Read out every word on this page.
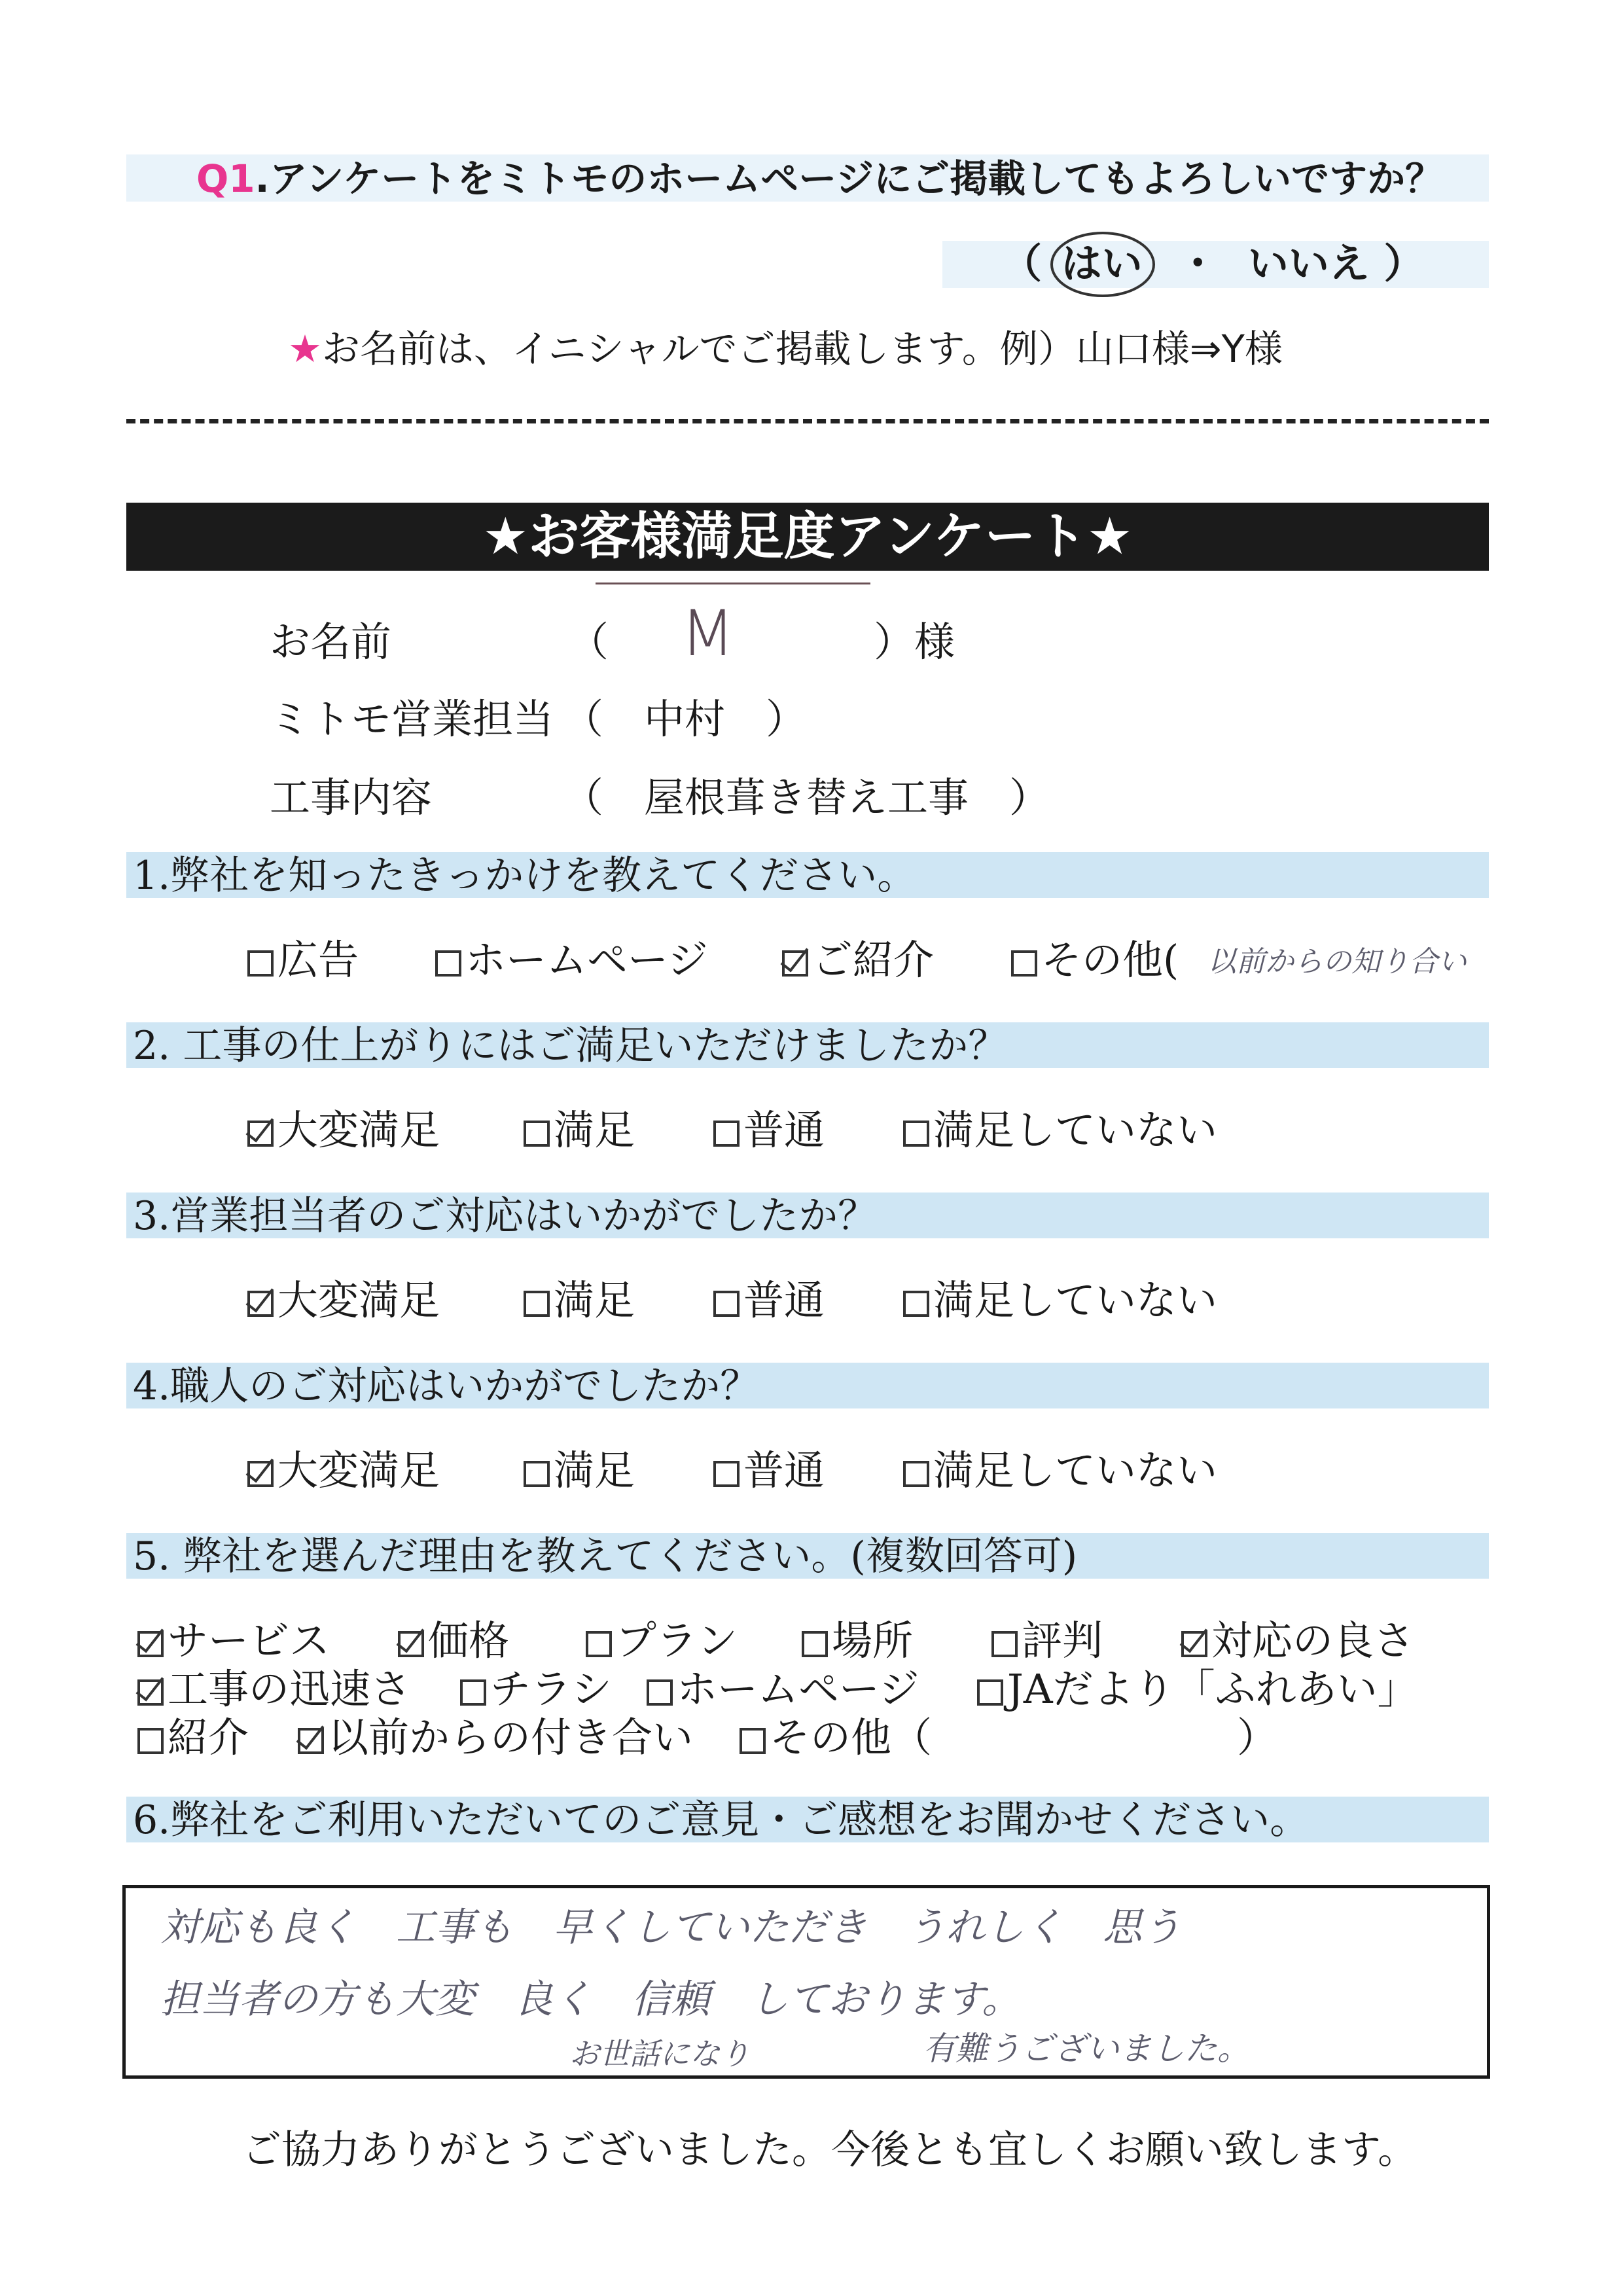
Q1.アンケートをミトモのホームページにご掲載してもよろしいですか？
（ はい ・ いいえ ）
★お名前は、イニシャルでご掲載します。例）山口様⇒Y様
★お客様満足度アンケート★
お名前	（ M	）様
ミトモ営業担当 （　中村　）
工事内容	（　屋根葺き替え工事　）
1.弊社を知ったきっかけを教えてください。
広告	ホームページ	ご紹介	その他( 以前からの知り合い
2. 工事の仕上がりにはご満足いただけましたか？
大変満足	満足	普通	満足していない
3.営業担当者のご対応はいかがでしたか？
大変満足	満足	普通	満足していない
4.職人のご対応はいかがでしたか？
大変満足	満足	普通	満足していない
5. 弊社を選んだ理由を教えてください。(複数回答可)
サービス	価格	プラン	場所	評判	対応の良さ
工事の迅速さ	チラシ	ホームページ	JAだより「ふれあい」
紹介	以前からの付き合い	その他（	）
6.弊社をご利用いただいてのご意見・ご感想をお聞かせください。
対応も良く　工事も　早くしていただき　うれしく　思う
担当者の方も大変　良く　信頼　しております。
お世話になり	有難うございました。
ご協力ありがとうございました。今後とも宜しくお願い致します。
